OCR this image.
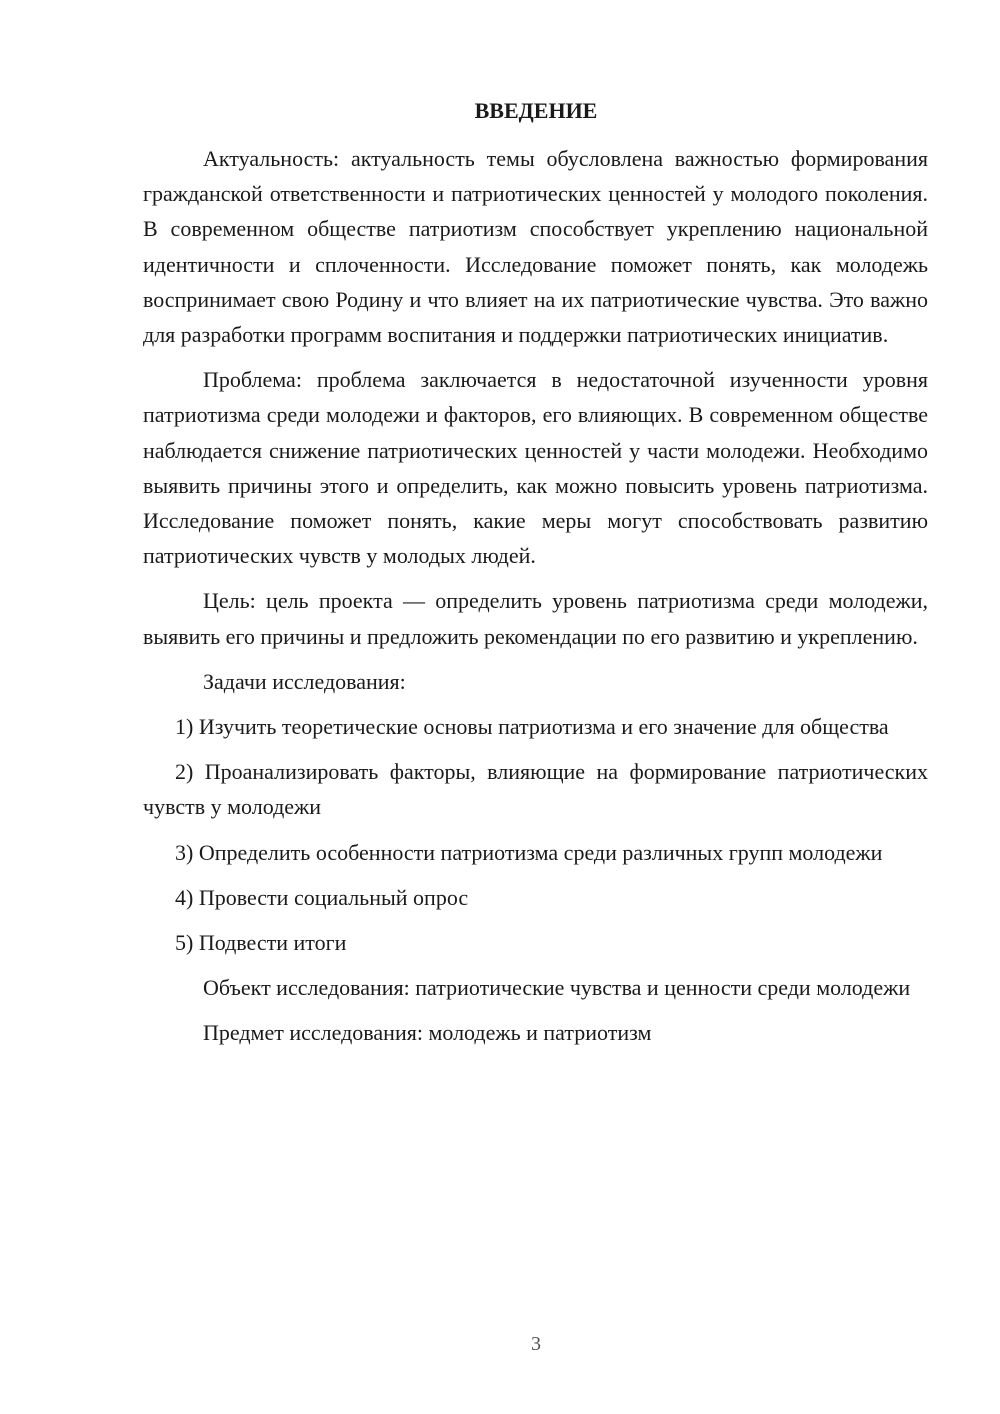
ВВЕДЕНИЕ

Актуальность: актуальность темы обусловлена важностью формирования гражданской ответственности и патриотических ценностей у молодого поколения. В современном обществе патриотизм способствует укреплению национальной идентичности и сплоченности. Исследование поможет понять, как молодежь воспринимает свою Родину и что влияет на их патриотические чувства. Это важно для разработки программ воспитания и поддержки патриотических инициатив.

Проблема: проблема заключается в недостаточной изученности уровня патриотизма среди молодежи и факторов, его влияющих. В современном обществе наблюдается снижение патриотических ценностей у части молодежи. Необходимо выявить причины этого и определить, как можно повысить уровень патриотизма. Исследование поможет понять, какие меры могут способствовать развитию патриотических чувств у молодых людей.

Цель: цель проекта — определить уровень патриотизма среди молодежи, выявить его причины и предложить рекомендации по его развитию и укреплению.

Задачи исследования:

1) Изучить теоретические основы патриотизма и его значение для общества

2) Проанализировать факторы, влияющие на формирование патриотических чувств у молодежи

3) Определить особенности патриотизма среди различных групп молодежи

4) Провести социальный опрос

5) Подвести итоги

Объект исследования: патриотические чувства и ценности среди молодежи

Предмет исследования: молодежь и патриотизм

3
